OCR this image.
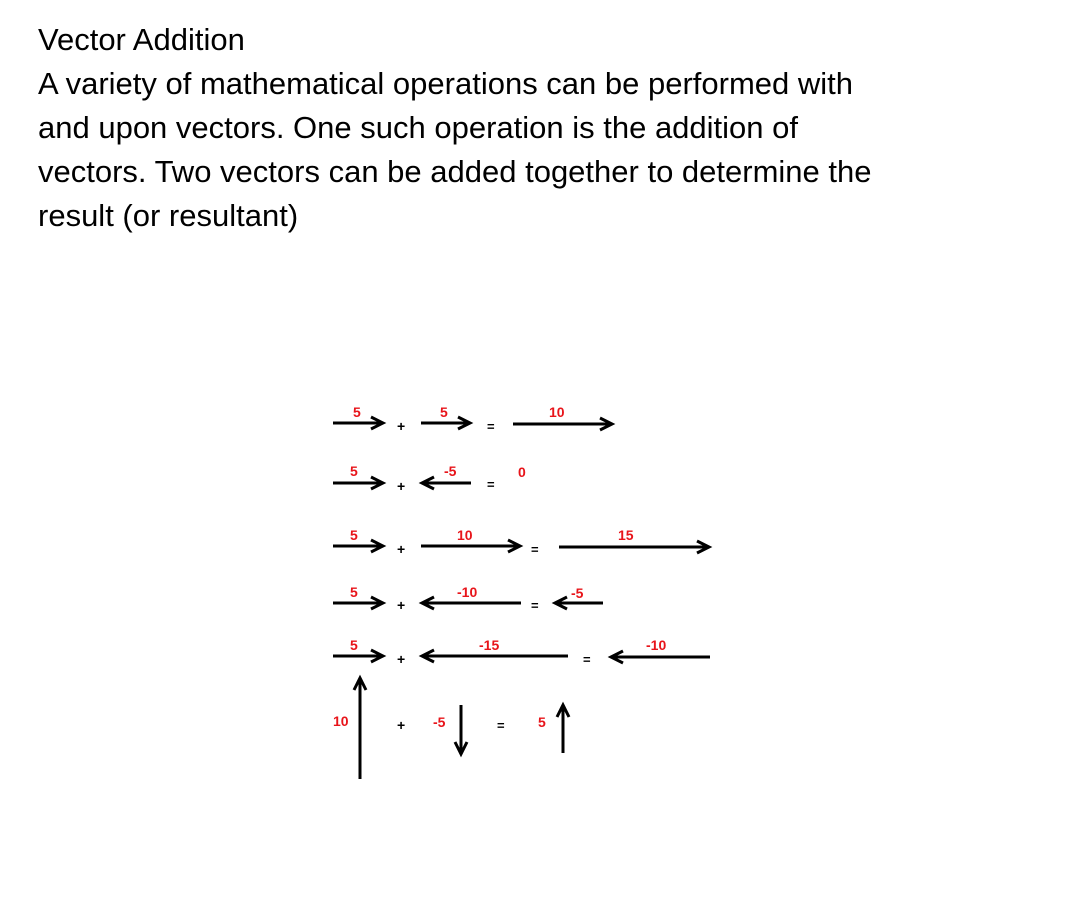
Vector Addition
A variety of mathematical operations can be performed with
and upon vectors. One such operation is the addition of
vectors. Two vectors can be added together to determine the
result (or resultant)
5
+
5
=
10
5
+
-5
=
0
5
+
10
=
15
5
+
-10
=
-5
5
+
-15
=
-10
10	+ -5	= 5
